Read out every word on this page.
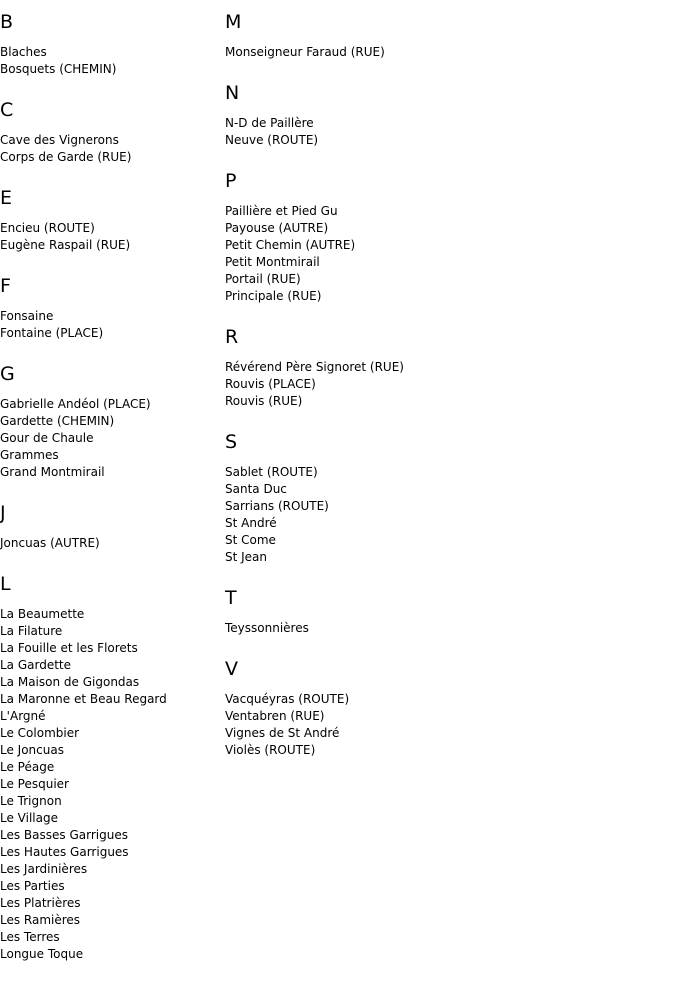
B
Blaches
Bosquets (CHEMIN)
C
Cave des Vignerons
Corps de Garde (RUE)
E
Encieu (ROUTE)
Eugène Raspail (RUE)
F
Fonsaine
Fontaine (PLACE)
G
Gabrielle Andéol (PLACE)
Gardette (CHEMIN)
Gour de Chaule
Grammes
Grand Montmirail
J
Joncuas (AUTRE)
L
La Beaumette
La Filature
La Fouille et les Florets
La Gardette
La Maison de Gigondas
La Maronne et Beau Regard
L'Argné
Le Colombier
Le Joncuas
Le Péage
Le Pesquier
Le Trignon
Le Village
Les Basses Garrigues
Les Hautes Garrigues
Les Jardinières
Les Parties
Les Platrières
Les Ramières
Les Terres
Longue Toque
M
Monseigneur Faraud (RUE)
N
N-D de Paillère
Neuve (ROUTE)
P
Paillière et Pied Gu
Payouse (AUTRE)
Petit Chemin (AUTRE)
Petit Montmirail
Portail (RUE)
Principale (RUE)
R
Révérend Père Signoret (RUE)
Rouvis (PLACE)
Rouvis (RUE)
S
Sablet (ROUTE)
Santa Duc
Sarrians (ROUTE)
St André
St Come
St Jean
T
Teyssonnières
V
Vacquéyras (ROUTE)
Ventabren (RUE)
Vignes de St André
Violès (ROUTE)
